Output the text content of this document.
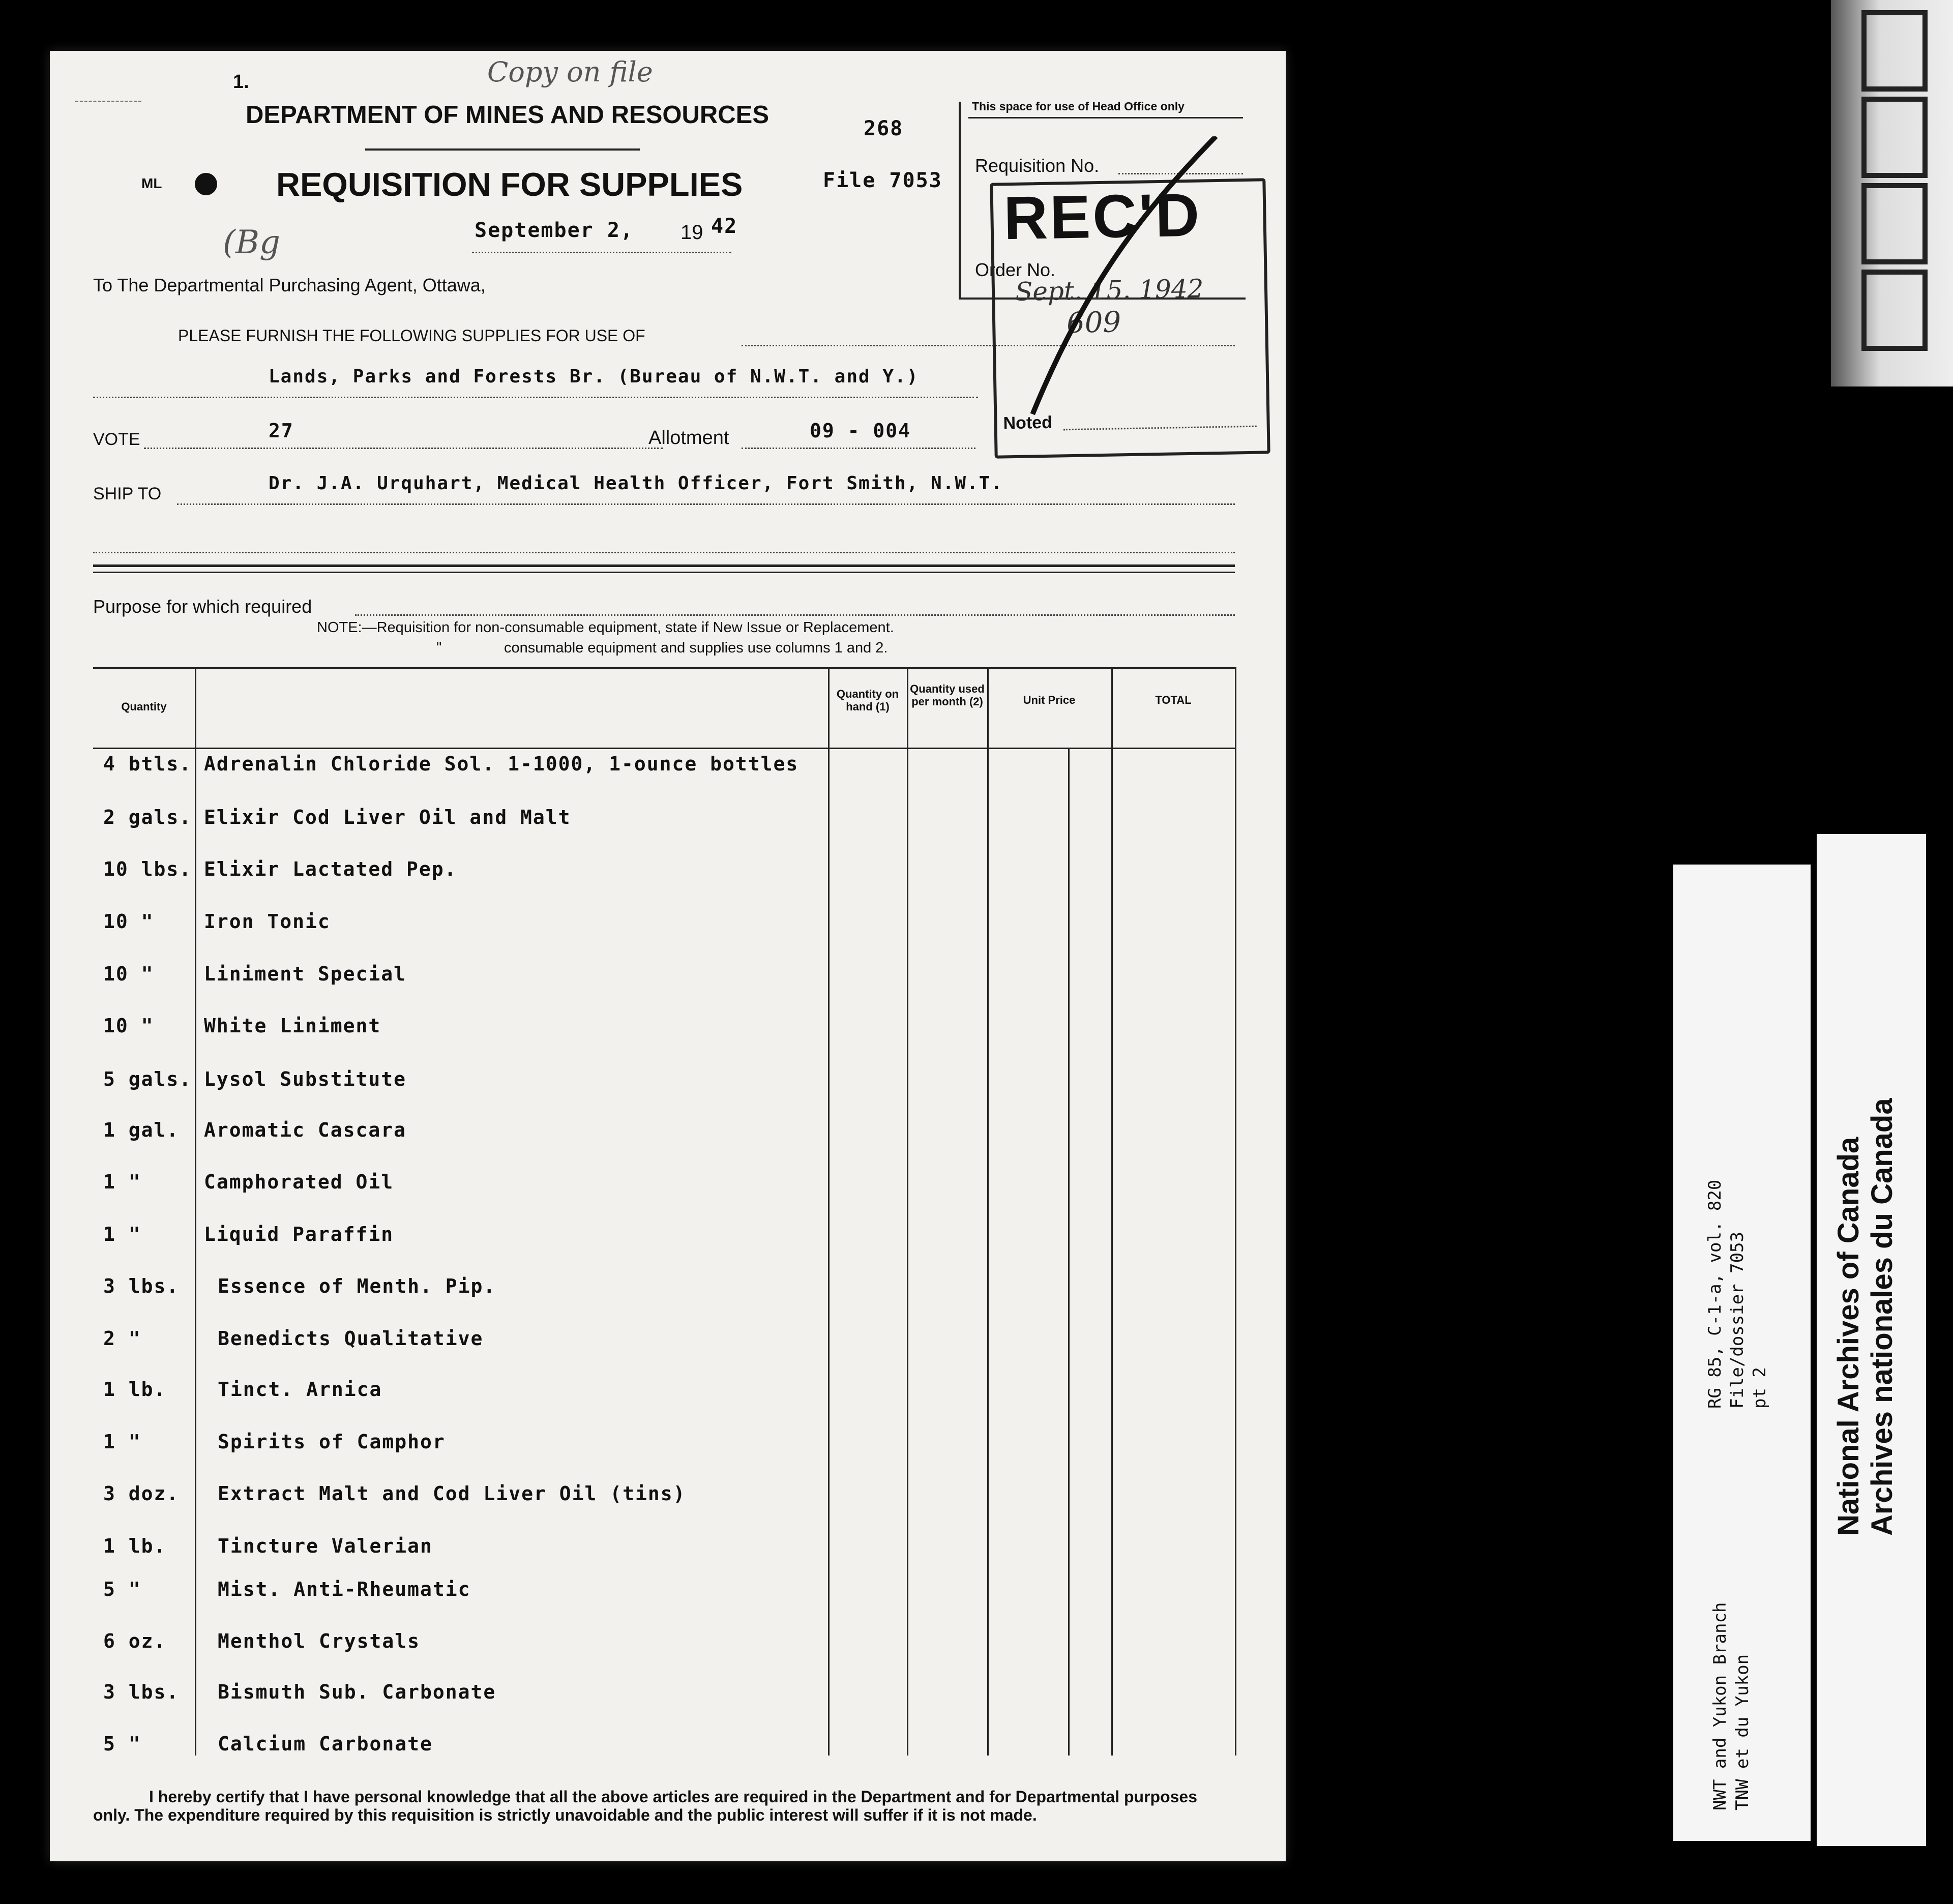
RG 85, C-1-a, vol. 820 File/dossier 7053 pt 2
NWT and Yukon Branch TNW et du Yukon
National Archives of Canada Archives nationales du Canada
1.	Copy on file
DEPARTMENT OF MINES AND RESOURCES	268
ML	REQUISITION FOR SUPPLIES	File 7053
(Bg	September 2, 19 42
To The Departmental Purchasing Agent, Ottawa,
PLEASE FURNISH THE FOLLOWING SUPPLIES FOR USE OF
Lands, Parks and Forests Br. (Bureau of N.W.T. and Y.)
VOTE	27	Allotment	09 - 004
SHIP TO	Dr. J.A. Urquhart, Medical Health Officer, Fort Smith, N.W.T.
Purpose for which required
NOTE:—Requisition for non-consumable equipment, state if New Issue or Replacement.
"	consumable equipment and supplies use columns 1 and 2.
Quantity
Quantity on hand (1)
Quantity used per month (2)	Unit Price	TOTAL
4 btls. Adrenalin Chloride Sol. 1-1000, 1-ounce bottles
2 gals. Elixir Cod Liver Oil and Malt
10 lbs. Elixir Lactated Pep.
10 "	Iron Tonic
10 "	Liniment Special
10 "	White Liniment
5 gals. Lysol Substitute
1 gal.	Aromatic Cascara
1 "	Camphorated Oil
1 "	Liquid Paraffin
3 lbs.	Essence of Menth. Pip.
2 "	Benedicts Qualitative
1 lb.	Tinct. Arnica
1 "	Spirits of Camphor
3 doz.	Extract Malt and Cod Liver Oil (tins)
1 lb.	Tincture Valerian
5 "	Mist. Anti-Rheumatic
6 oz.	Menthol Crystals
3 lbs.	Bismuth Sub. Carbonate
5 "	Calcium Carbonate
I hereby certify that I have personal knowledge that all the above articles are required in the Department and for Departmental purposes only. The expenditure required by this requisition is strictly unavoidable and the public interest will suffer if it is not made.
This space for use of Head Office only
Requisition No.
Order No.
REC'D
Sept. 15. 1942
609
Noted
